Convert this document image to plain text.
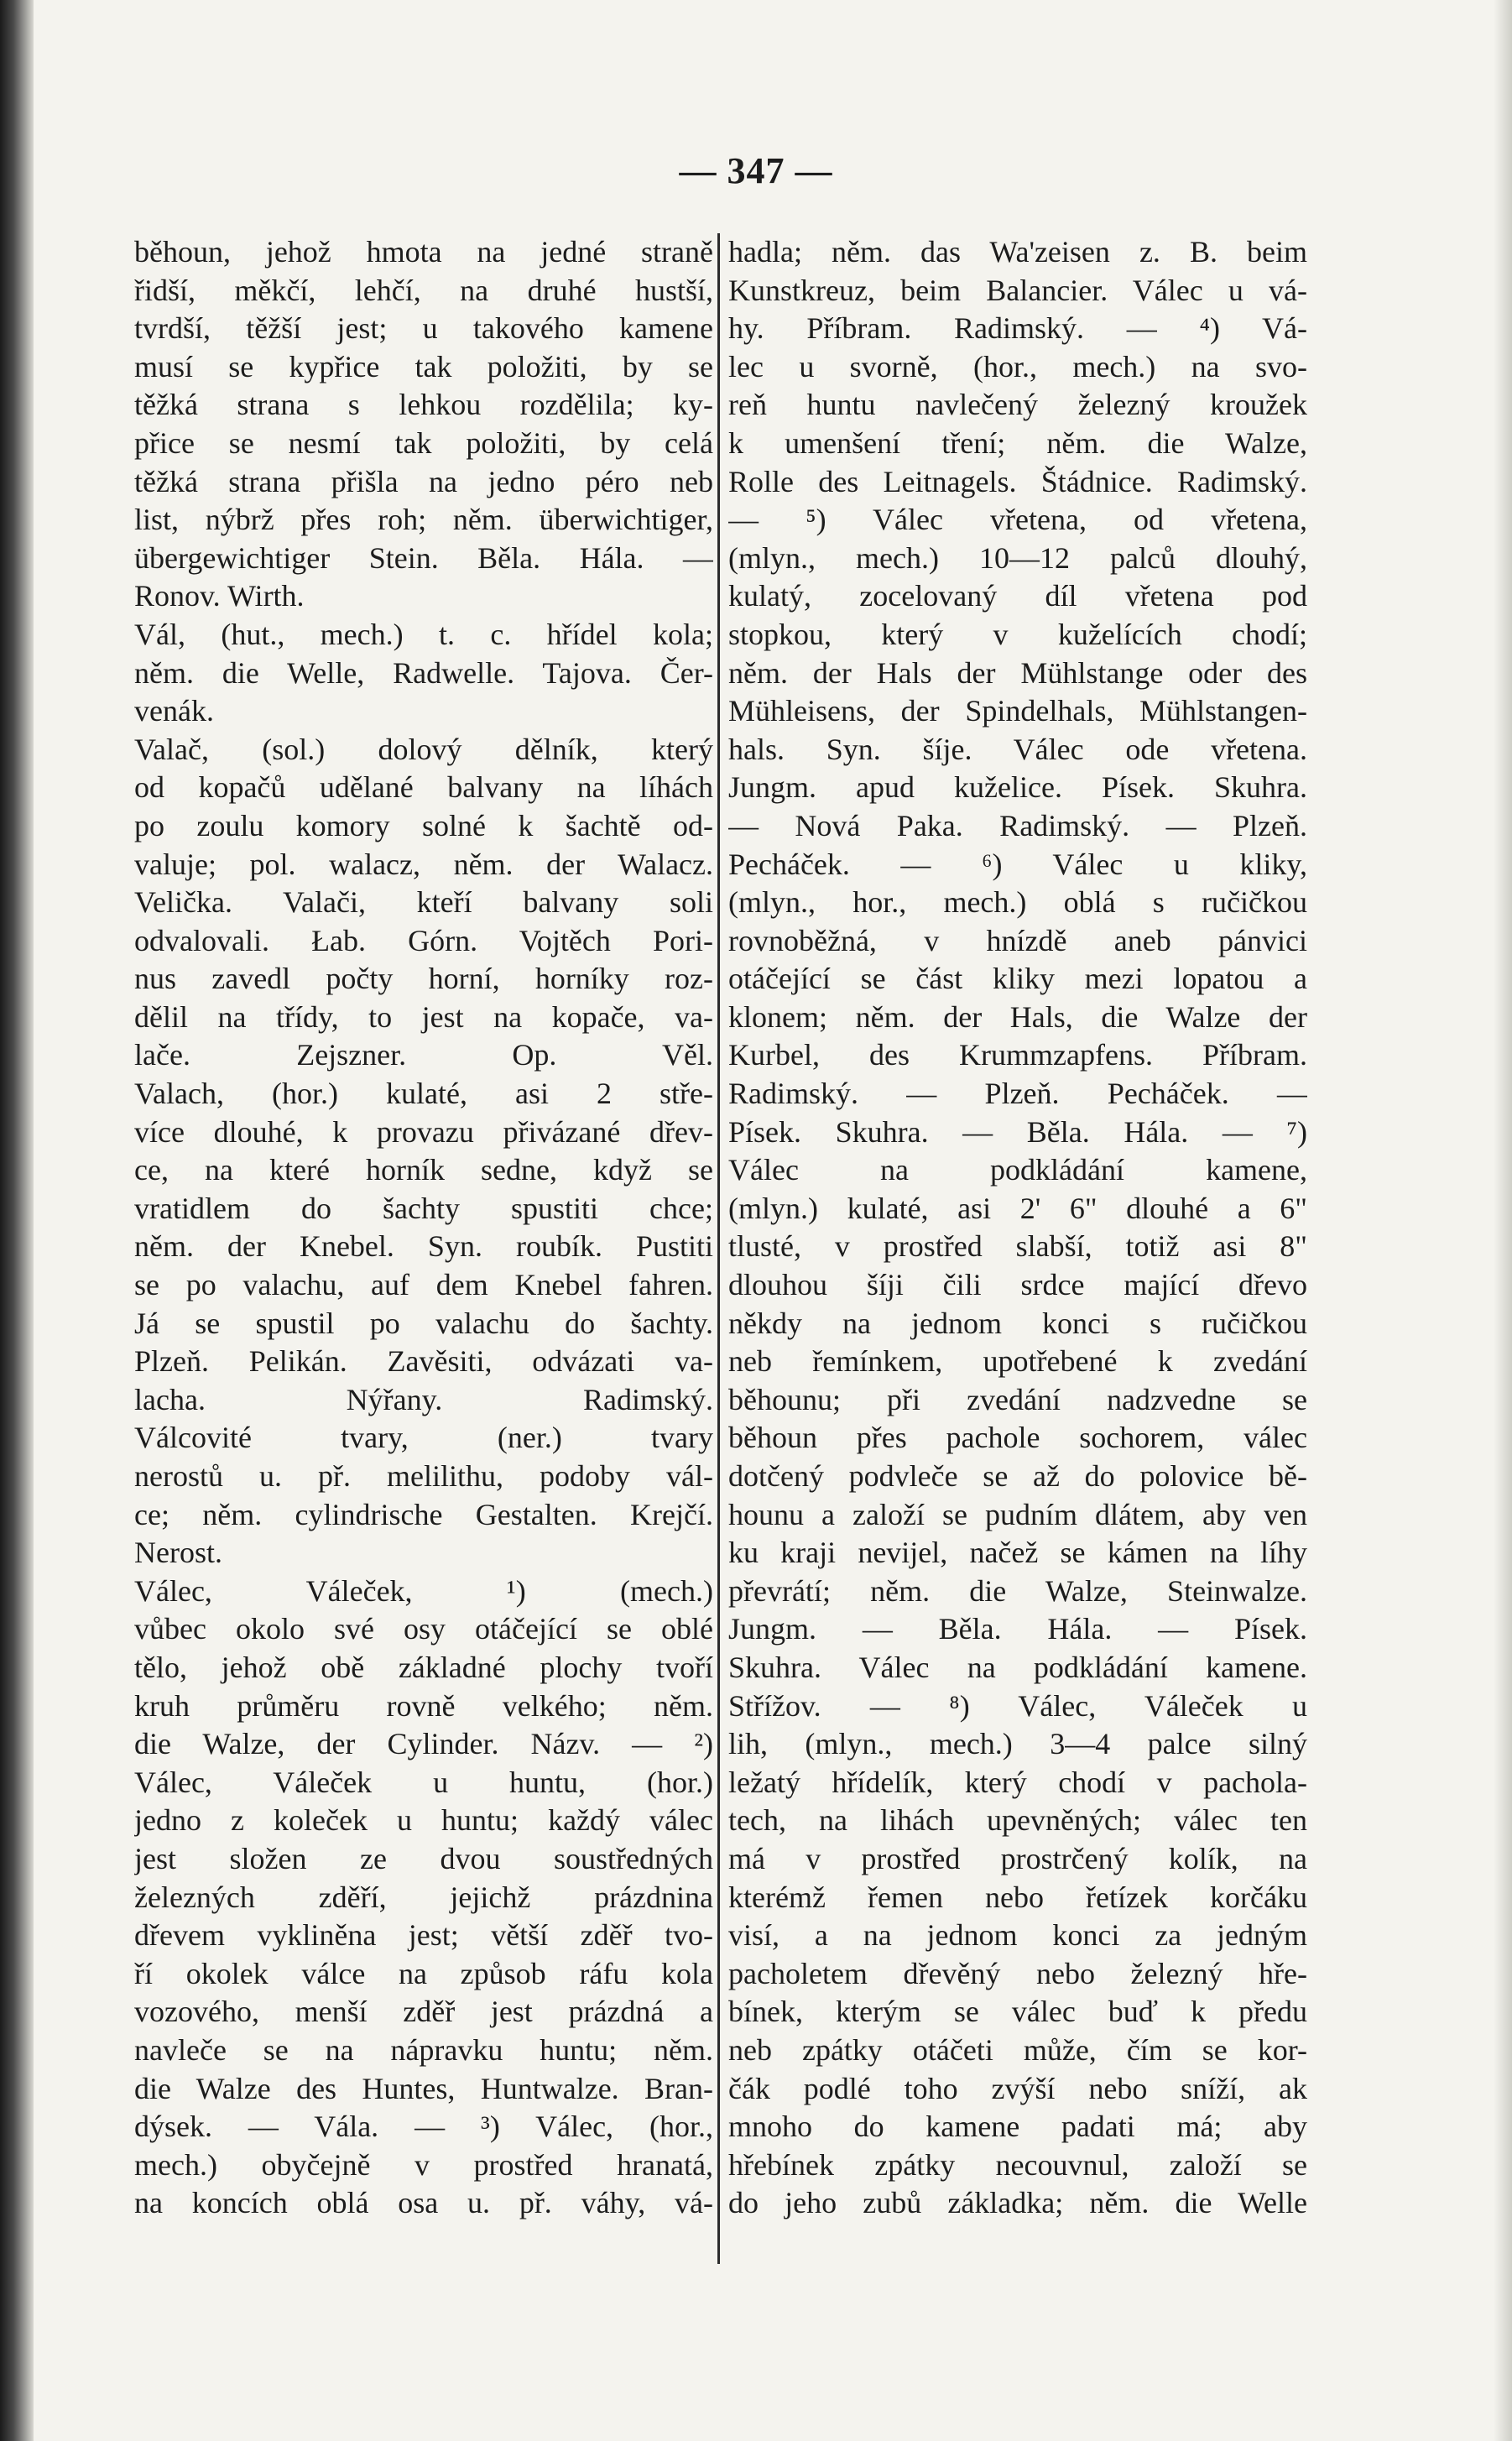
— 347 —
běhoun, jehož hmota na jedné straně
řidší, měkčí, lehčí, na druhé hustší,
tvrdší, těžší jest; u takového kamene
musí se kypřice tak položiti, by se
těžká strana s lehkou rozdělila; ky-
přice se nesmí tak položiti, by celá
těžká strana přišla na jedno péro neb
list, nýbrž přes roh; něm. überwichtiger,
übergewichtiger Stein. Běla. Hála. —
Ronov. Wirth.
Vál, (hut., mech.) t. c. hřídel kola;
něm. die Welle, Radwelle. Tajova. Čer-
venák.
Valač, (sol.) dolový dělník, který
od kopačů udělané balvany na líhách
po zoulu komory solné k šachtě od-
valuje; pol. walacz, něm. der Walacz.
Velička. Valači, kteří balvany soli
odvalovali. Łab. Górn. Vojtěch Pori-
nus zavedl počty horní, horníky roz-
dělil na třídy, to jest na kopače, va-
lače. Zejszner. Op. Věl.
Valach, (hor.) kulaté, asi 2 stře-
více dlouhé, k provazu přivázané dřev-
ce, na které horník sedne, když se
vratidlem do šachty spustiti chce;
něm. der Knebel. Syn. roubík. Pustiti
se po valachu, auf dem Knebel fahren.
Já se spustil po valachu do šachty.
Plzeň. Pelikán. Zavěsiti, odvázati va-
lacha. Nýřany. Radimský.
Válcovité tvary, (ner.) tvary
nerostů u. př. melilithu, podoby vál-
ce; něm. cylindrische Gestalten. Krejčí.
Nerost.
Válec, Váleček, ¹) (mech.)
vůbec okolo své osy otáčející se oblé
tělo, jehož obě základné plochy tvoří
kruh průměru rovně velkého; něm.
die Walze, der Cylinder. Názv. — ²)
Válec, Váleček u huntu, (hor.)
jedno z koleček u huntu; každý válec
jest složen ze dvou soustředných
železných zděří, jejichž prázdnina
dřevem vykliněna jest; větší zděř tvo-
ří okolek válce na způsob ráfu kola
vozového, menší zděř jest prázdná a
navleče se na nápravku huntu; něm.
die Walze des Huntes, Huntwalze. Bran-
dýsek. — Vála. — ³) Válec, (hor.,
mech.) obyčejně v prostřed hranatá,
na koncích oblá osa u. př. váhy, vá-
hadla; něm. das Wa'zeisen z. B. beim
Kunstkreuz, beim Balancier. Válec u vá-
hy. Příbram. Radimský. — ⁴) Vá-
lec u svorně, (hor., mech.) na svo-
reň huntu navlečený železný kroužek
k umenšení tření; něm. die Walze,
Rolle des Leitnagels. Štádnice. Radimský.
— ⁵) Válec vřetena, od vřetena,
(mlyn., mech.) 10—12 palců dlouhý,
kulatý, zocelovaný díl vřetena pod
stopkou, který v kuželících chodí;
něm. der Hals der Mühlstange oder des
Mühleisens, der Spindelhals, Mühlstangen-
hals. Syn. šíje. Válec ode vřetena.
Jungm. apud kuželice. Písek. Skuhra.
— Nová Paka. Radimský. — Plzeň.
Pecháček. — ⁶) Válec u kliky,
(mlyn., hor., mech.) oblá s ručičkou
rovnoběžná, v hnízdě aneb pánvici
otáčející se část kliky mezi lopatou a
klonem; něm. der Hals, die Walze der
Kurbel, des Krummzapfens. Příbram.
Radimský. — Plzeň. Pecháček. —
Písek. Skuhra. — Běla. Hála. — ⁷)
Válec na podkládání kamene,
(mlyn.) kulaté, asi 2' 6" dlouhé a 6"
tlusté, v prostřed slabší, totiž asi 8"
dlouhou šíji čili srdce mající dřevo
někdy na jednom konci s ručičkou
neb řemínkem, upotřebené k zvedání
běhounu; při zvedání nadzvedne se
běhoun přes pachole sochorem, válec
dotčený podvleče se až do polovice bě-
hounu a založí se pudním dlátem, aby ven
ku kraji nevijel, načež se kámen na líhy
převrátí; něm. die Walze, Steinwalze.
Jungm. — Běla. Hála. — Písek.
Skuhra. Válec na podkládání kamene.
Střížov. — ⁸) Válec, Váleček u
lih, (mlyn., mech.) 3—4 palce silný
ležatý hřídelík, který chodí v pachola-
tech, na lihách upevněných; válec ten
má v prostřed prostrčený kolík, na
kterémž řemen nebo řetízek korčáku
visí, a na jednom konci za jedným
pacholetem dřevěný nebo železný hře-
bínek, kterým se válec buď k předu
neb zpátky otáčeti může, čím se kor-
čák podlé toho zvýší nebo sníží, ak
mnoho do kamene padati má; aby
hřebínek zpátky necouvnul, založí se
do jeho zubů základka; něm. die Welle
